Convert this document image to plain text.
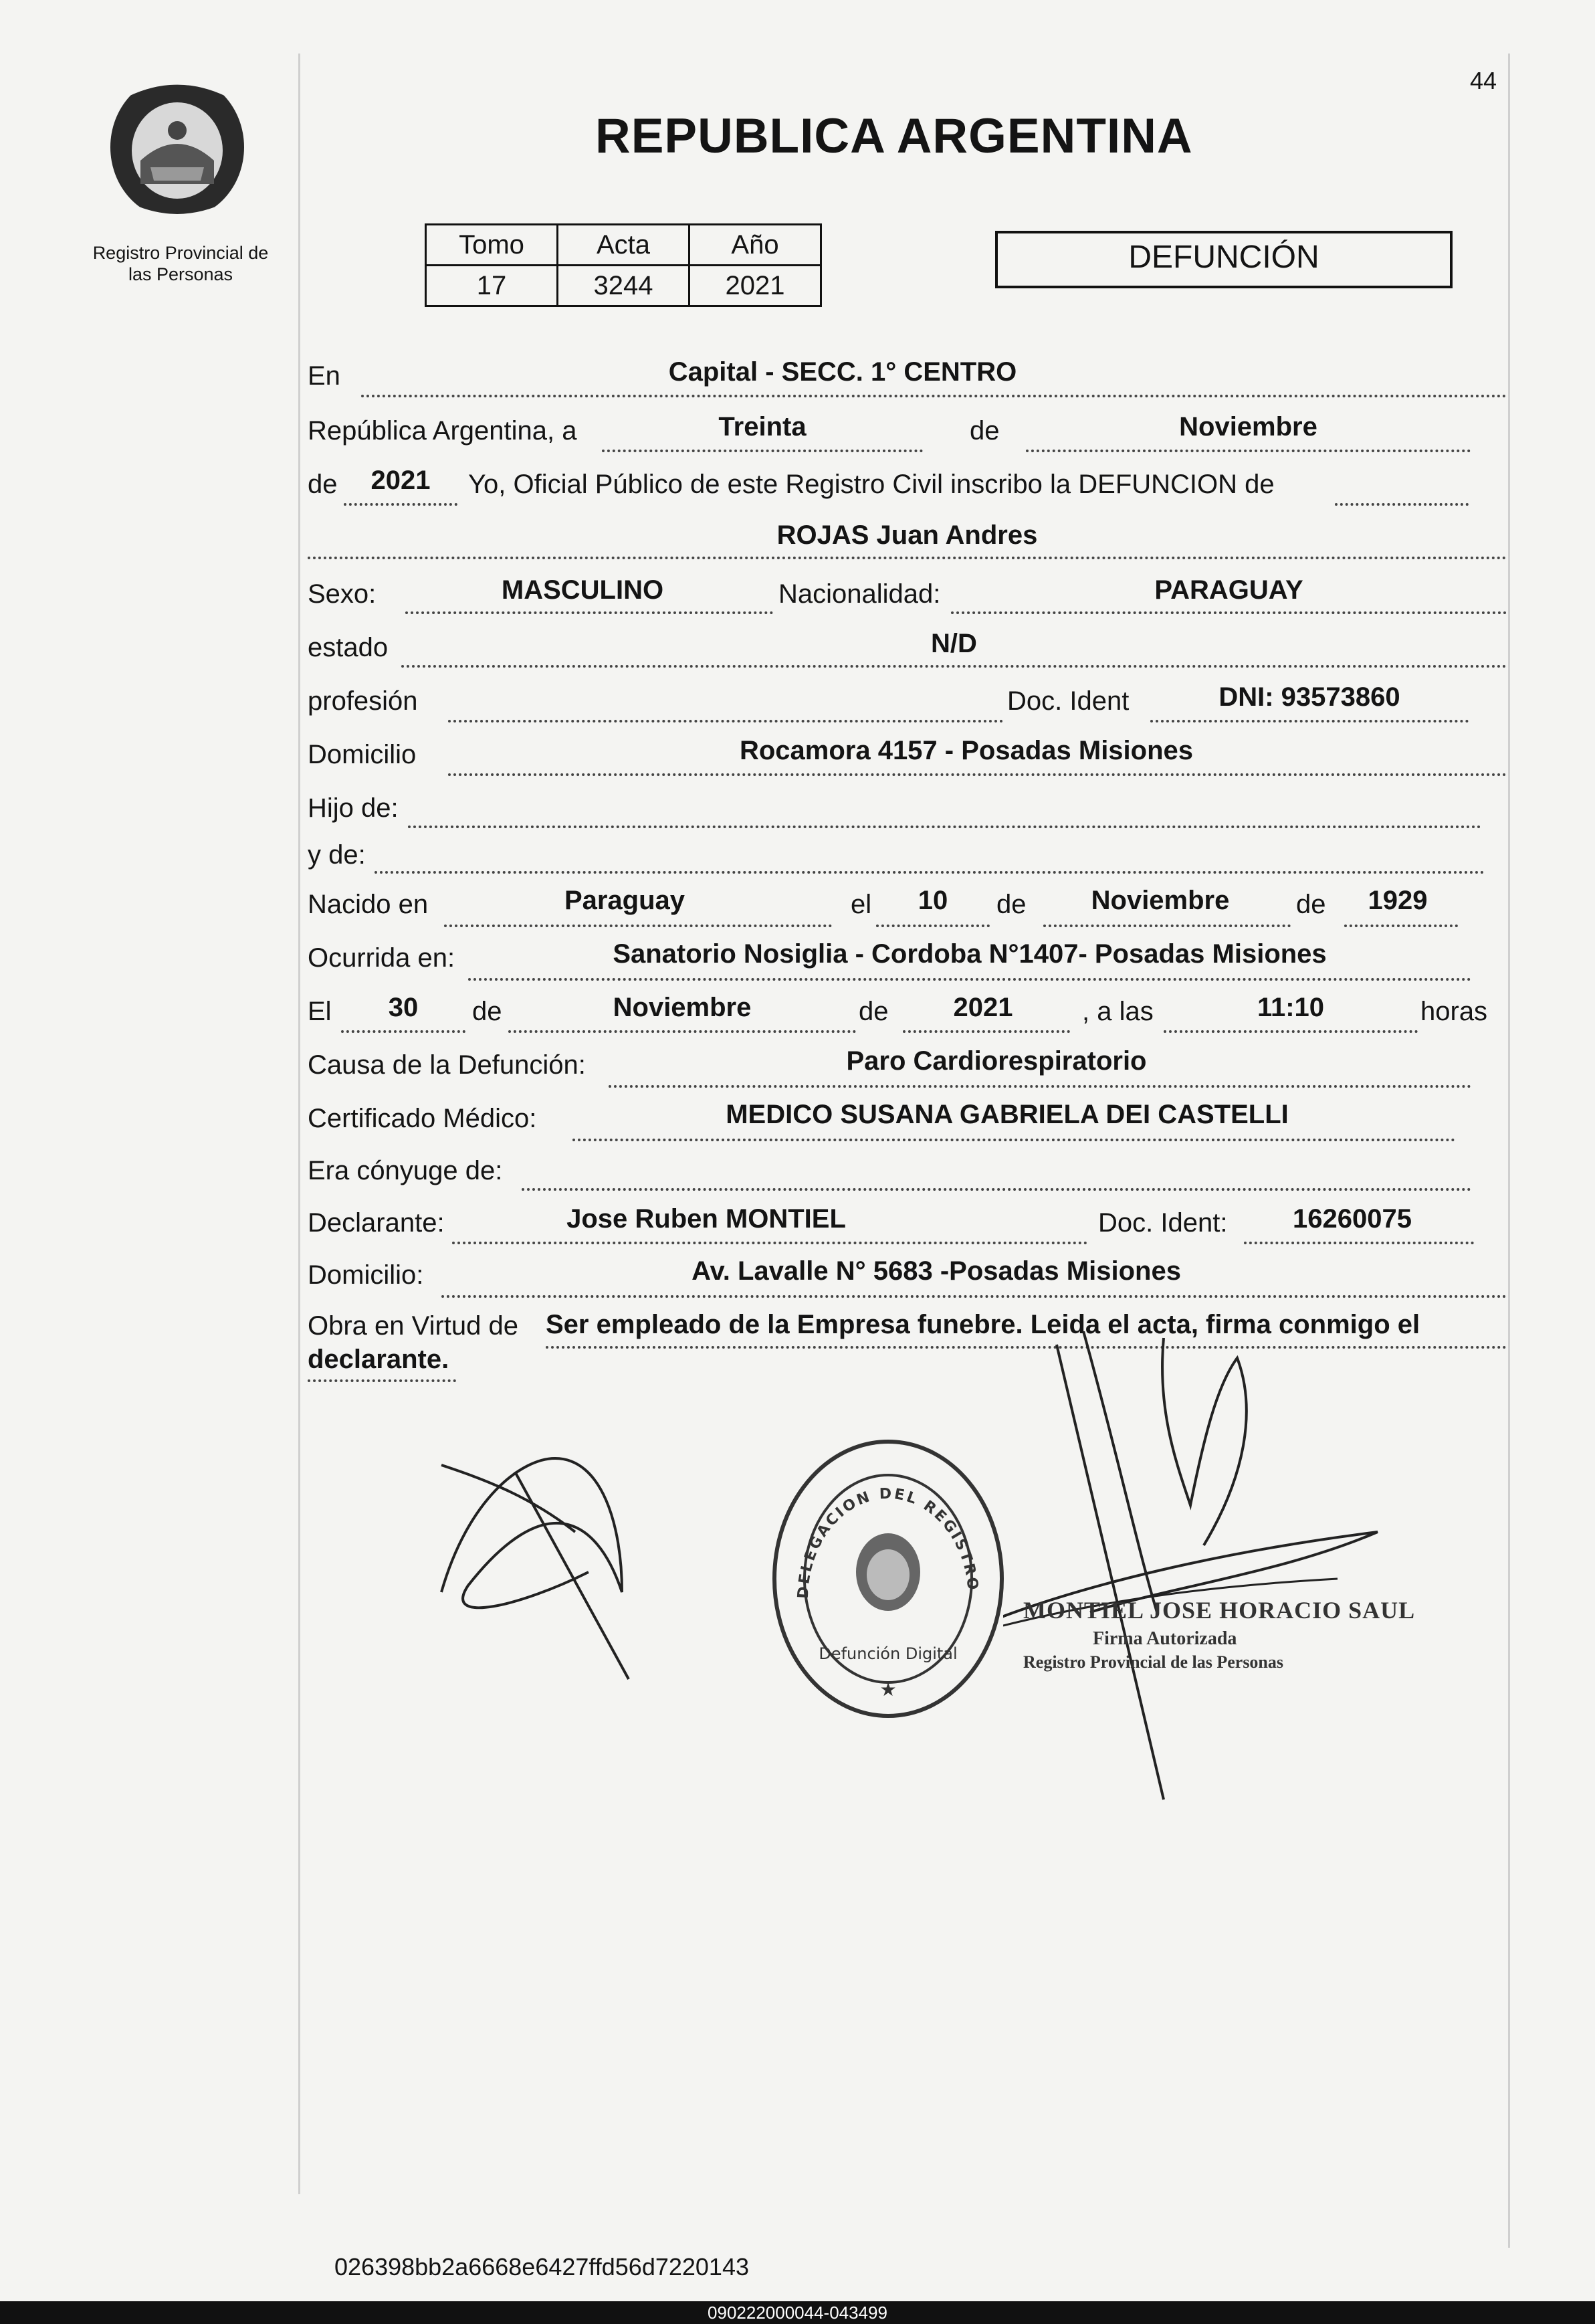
Registro Provincial de
las Personas
44
REPUBLICA ARGENTINA
Tomo	Acta	Año
17	3244	2021
DEFUNCIÓN
En	Capital - SECC. 1° CENTRO
República Argentina, a	Treinta	de	Noviembre
de	2021	Yo, Oficial Público de este Registro Civil inscribo la DEFUNCION de
ROJAS Juan Andres
Sexo:	MASCULINO	Nacionalidad:	PARAGUAY
estado	N/D
profesión	Doc. Ident	DNI: 93573860
Domicilio	Rocamora 4157 - Posadas Misiones
Hijo de:
y de:
Nacido en	Paraguay	el	10	de	Noviembre	de	1929
Ocurrida en:	Sanatorio Nosiglia - Cordoba N°1407- Posadas Misiones
El	30	de	Noviembre	de	2021	, a las	11:10	horas
Causa de la Defunción:	Paro Cardiorespiratorio
Certificado Médico:	MEDICO SUSANA GABRIELA DEI CASTELLI
Era cónyuge de:
Declarante:	Jose Ruben MONTIEL	Doc. Ident:	16260075
Domicilio:	Av. Lavalle N° 5683 -Posadas Misiones
Obra en Virtud de Ser empleado de la Empresa funebre. Leida el acta, firma conmigo el
declarante.
DELEGACION DEL REGISTRO
Defunción Digital
★
MONTIEL JOSE HORACIO SAUL
Firma Autorizada
Registro Provincial de las Personas
026398bb2a6668e6427ffd56d7220143
090222000044-043499
